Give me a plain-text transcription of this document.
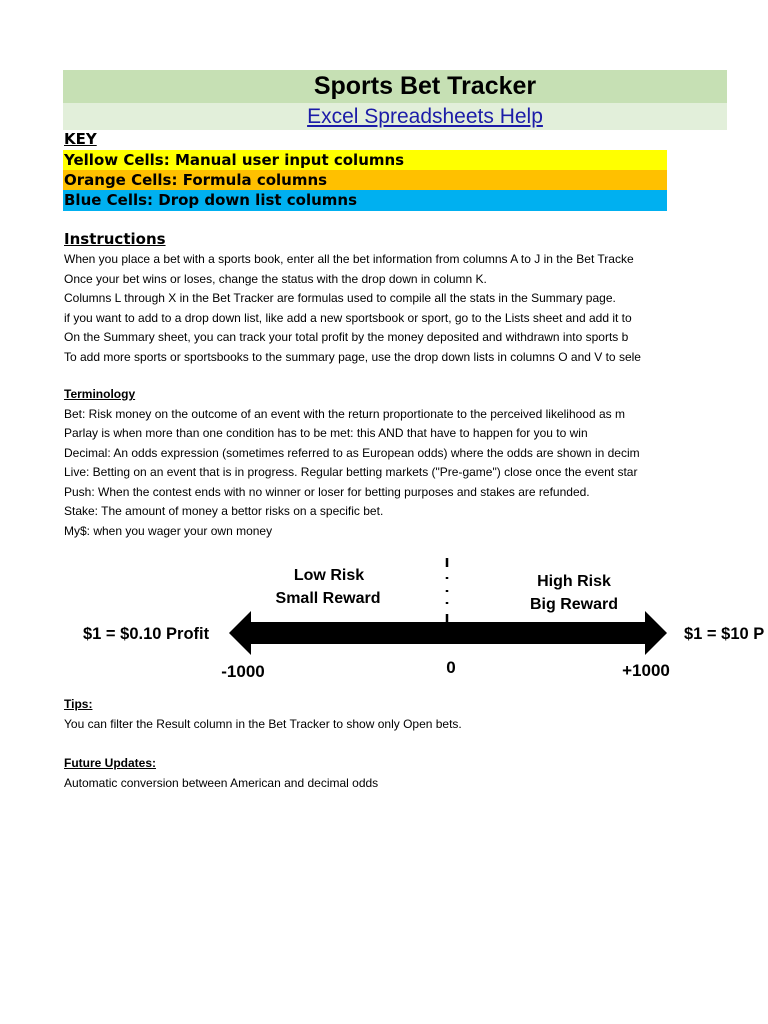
Sports Bet Tracker
Excel Spreadsheets Help
KEY
Yellow Cells: Manual user input columns
Orange Cells: Formula columns
Blue Cells: Drop down list columns
Instructions
When you place a bet with a sports book, enter all the bet information from columns A to J in the Bet Tracke
Once your bet wins or loses, change the status with the drop down in column K.
Columns L through X in the Bet Tracker are formulas used to compile all the stats in the Summary page.
if you want to add to a drop down list, like add a new sportsbook or sport, go to the Lists sheet and add it to
On the Summary sheet, you can track your total profit by the money deposited and withdrawn into sports b
To add more sports or sportsbooks to the summary page, use the drop down lists in columns O and V to sele
Terminology
Bet: Risk money on the outcome of an event with the return proportionate to the perceived likelihood as m
Parlay is when more than one condition has to be met: this AND that have to happen for you to win
Decimal: An odds expression (sometimes referred to as European odds) where the odds are shown in decim
Live: Betting on an event that is in progress. Regular betting markets ("Pre-game") close once the event star
Push: When the contest ends with no winner or loser for betting purposes and stakes are refunded.
Stake: The amount of money a bettor risks on a specific bet.
My$: when you wager your own money
Low Risk
Small Reward
High Risk
Big Reward
$1 = $0.10 Profit	$1 = $10 P
-1000	0	+1000
Tips:
You can filter the Result column in the Bet Tracker to show only Open bets.
Future Updates:
Automatic conversion between American and decimal odds
